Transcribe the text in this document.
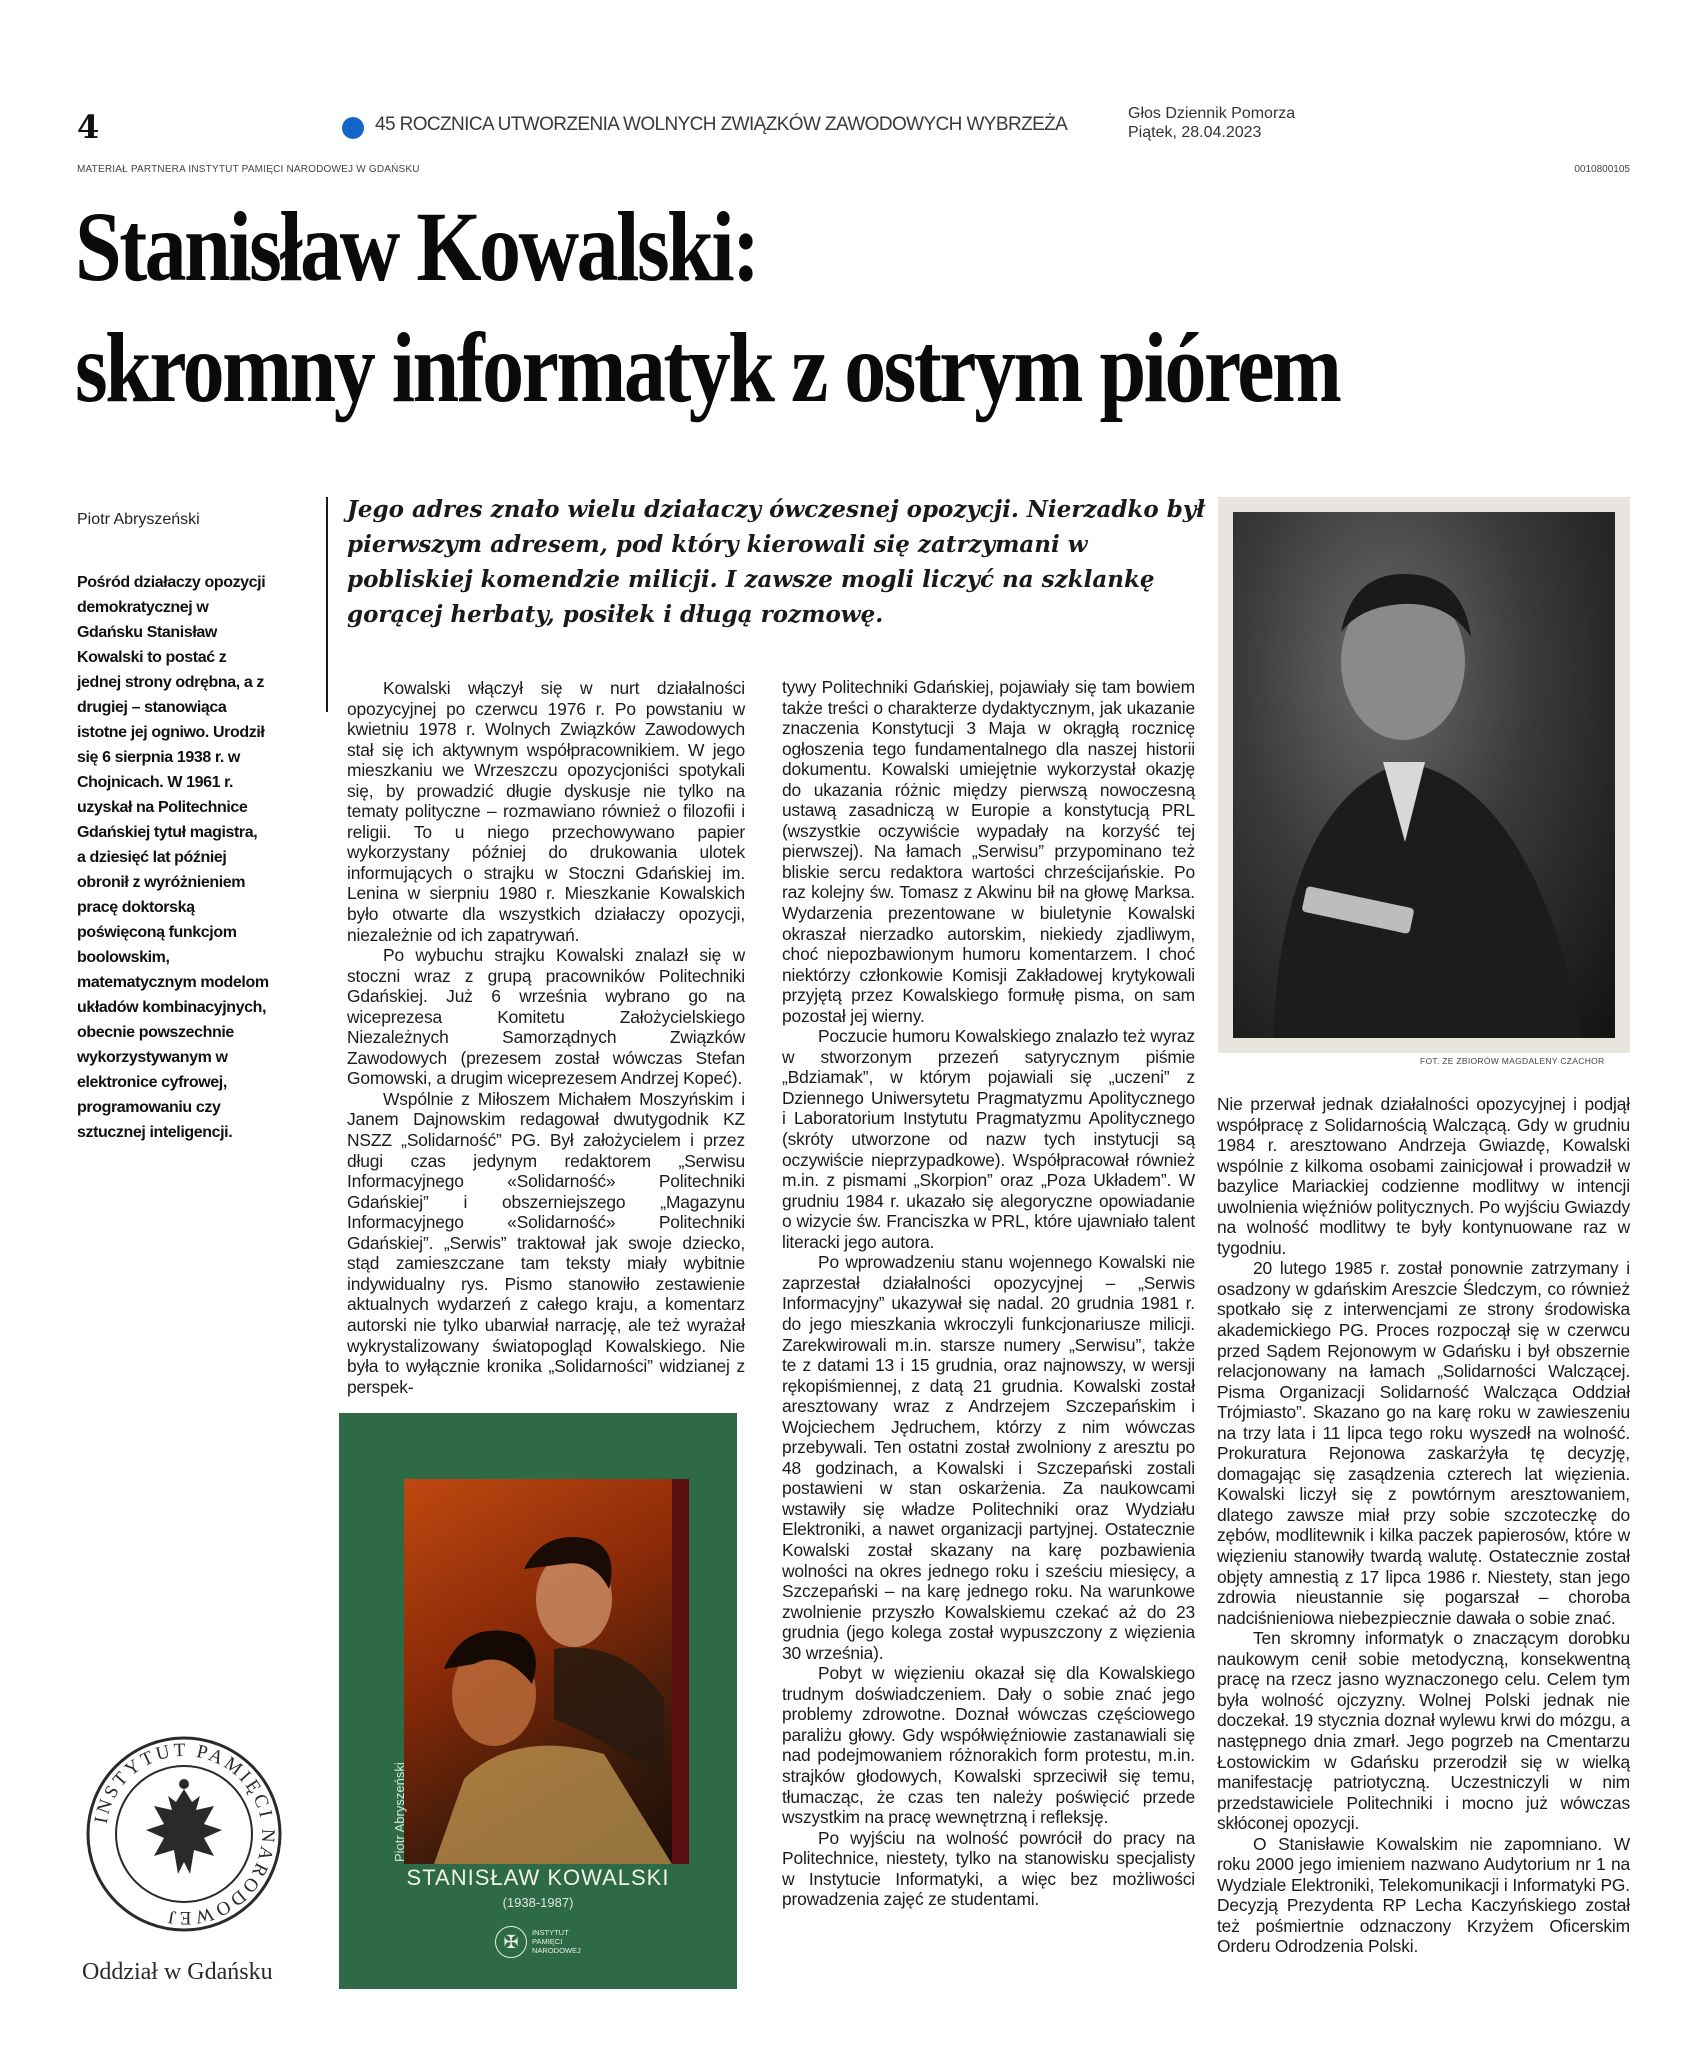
4	45 ROCZNICA UTWORZENIA WOLNYCH ZWIĄZKÓW ZAWODOWYCH WYBRZEŻA
Głos Dziennik Pomorza
Piątek, 28.04.2023
MATERIAŁ PARTNERA INSTYTUT PAMIĘCI NARODOWEJ W GDAŃSKU	0010800105
Stanisław Kowalski:
skromny informatyk z ostrym piórem
Piotr Abryszeński
Pośród działaczy opozycji demokratycznej w Gdańsku Stanisław Kowalski to postać z jednej strony odrębna, a z drugiej – stanowiąca istotne jej ogniwo. Urodził się 6 sierpnia 1938 r. w Chojnicach. W 1961 r. uzyskał na Politechnice Gdańskiej tytuł magistra, a dziesięć lat później obronił z wyróżnieniem pracę doktorską poświęconą funkcjom boolowskim, matematycznym modelom układów kombinacyjnych, obecnie powszechnie wykorzystywanym w elektronice cyfrowej, programowaniu czy sztucznej inteligencji.
Jego adres znało wielu działaczy ówczesnej opozycji. Nierzadko był pierwszym adresem, pod który kierowali się zatrzymani w pobliskiej komendzie milicji. I zawsze mogli liczyć na szklankę gorącej herbaty, posiłek i długą rozmowę.
FOT. ZE ZBIORÓW MAGDALENY CZACHOR

Kowalski włączył się w nurt działalności opozycyjnej po czerwcu 1976 r. Po powstaniu w kwietniu 1978 r. Wolnych Związków Zawodowych stał się ich aktywnym współpracownikiem. W jego mieszkaniu we Wrzeszczu opozycjoniści spotykali się, by prowadzić długie dyskusje nie tylko na tematy polityczne – rozmawiano również o filozofii i religii. To u niego przechowywano papier wykorzystany później do drukowania ulotek informujących o strajku w Stoczni Gdańskiej im. Lenina w sierpniu 1980 r. Mieszkanie Kowalskich było otwarte dla wszystkich działaczy opozycji, niezależnie od ich zapatrywań.

Po wybuchu strajku Kowalski znalazł się w stoczni wraz z grupą pracowników Politechniki Gdańskiej. Już 6 września wybrano go na wiceprezesa Komitetu Założycielskiego Niezależnych Samorządnych Związków Zawodowych (prezesem został wówczas Stefan Gomowski, a drugim wiceprezesem Andrzej Kopeć).

Wspólnie z Miłoszem Michałem Moszyńskim i Janem Dajnowskim redagował dwutygodnik KZ NSZZ „Solidarność” PG. Był założycielem i przez długi czas jedynym redaktorem „Serwisu Informacyjnego «Solidarność» Politechniki Gdańskiej” i obszerniejszego „Magazynu Informacyjnego «Solidarność» Politechniki Gdańskiej”. „Serwis” traktował jak swoje dziecko, stąd zamieszczane tam teksty miały wybitnie indywidualny rys. Pismo stanowiło zestawienie aktualnych wydarzeń z całego kraju, a komentarz autorski nie tylko ubarwiał narrację, ale też wyrażał wykrystalizowany światopogląd Kowalskiego. Nie była to wyłącznie kronika „Solidarności” widzianej z perspek-

tywy Politechniki Gdańskiej, pojawiały się tam bowiem także treści o charakterze dydaktycznym, jak ukazanie znaczenia Konstytucji 3 Maja w okrągłą rocznicę ogłoszenia tego fundamentalnego dla naszej historii dokumentu. Kowalski umiejętnie wykorzystał okazję do ukazania różnic między pierwszą nowoczesną ustawą zasadniczą w Europie a konstytucją PRL (wszystkie oczywiście wypadały na korzyść tej pierwszej). Na łamach „Serwisu” przypominano też bliskie sercu redaktora wartości chrześcijańskie. Po raz kolejny św. Tomasz z Akwinu bił na głowę Marksa. Wydarzenia prezentowane w biuletynie Kowalski okraszał nierzadko autorskim, niekiedy zjadliwym, choć niepozbawionym humoru komentarzem. I choć niektórzy członkowie Komisji Zakładowej krytykowali przyjętą przez Kowalskiego formułę pisma, on sam pozostał jej wierny.

Poczucie humoru Kowalskiego znalazło też wyraz w stworzonym przezeń satyrycznym piśmie „Bdziamak”, w którym pojawiali się „uczeni” z Dziennego Uniwersytetu Pragmatyzmu Apolitycznego i Laboratorium Instytutu Pragmatyzmu Apolitycznego (skróty utworzone od nazw tych instytucji są oczywiście nieprzypadkowe). Współpracował również m.in. z pismami „Skorpion” oraz „Poza Układem”. W grudniu 1984 r. ukazało się alegoryczne opowiadanie o wizycie św. Franciszka w PRL, które ujawniało talent literacki jego autora.

Po wprowadzeniu stanu wojennego Kowalski nie zaprzestał działalności opozycyjnej – „Serwis Informacyjny” ukazywał się nadal. 20 grudnia 1981 r. do jego mieszkania wkroczyli funkcjonariusze milicji. Zarekwirowali m.in. starsze numery „Serwisu”, także te z datami 13 i 15 grudnia, oraz najnowszy, w wersji rękopiśmiennej, z datą 21 grudnia. Kowalski został aresztowany wraz z Andrzejem Szczepańskim i Wojciechem Jędruchem, którzy z nim wówczas przebywali. Ten ostatni został zwolniony z aresztu po 48 godzinach, a Kowalski i Szczepański zostali postawieni w stan oskarżenia. Za naukowcami wstawiły się władze Politechniki oraz Wydziału Elektroniki, a nawet organizacji partyjnej. Ostatecznie Kowalski został skazany na karę pozbawienia wolności na okres jednego roku i sześciu miesięcy, a Szczepański – na karę jednego roku. Na warunkowe zwolnienie przyszło Kowalskiemu czekać aż do 23 grudnia (jego kolega został wypuszczony z więzienia 30 września).

Pobyt w więzieniu okazał się dla Kowalskiego trudnym doświadczeniem. Dały o sobie znać jego problemy zdrowotne. Doznał wówczas częściowego paraliżu głowy. Gdy współwięźniowie zastanawiali się nad podejmowaniem różnorakich form protestu, m.in. strajków głodowych, Kowalski sprzeciwił się temu, tłumacząc, że czas ten należy poświęcić przede wszystkim na pracę wewnętrzną i refleksję.

Po wyjściu na wolność powrócił do pracy na Politechnice, niestety, tylko na stanowisku specjalisty w Instytucie Informatyki, a więc bez możliwości prowadzenia zajęć ze studentami.

Nie przerwał jednak działalności opozycyjnej i podjął współpracę z Solidarnością Walczącą. Gdy w grudniu 1984 r. aresztowano Andrzeja Gwiazdę, Kowalski wspólnie z kilkoma osobami zainicjował i prowadził w bazylice Mariackiej codzienne modlitwy w intencji uwolnienia więźniów politycznych. Po wyjściu Gwiazdy na wolność modlitwy te były kontynuowane raz w tygodniu.

20 lutego 1985 r. został ponownie zatrzymany i osadzony w gdańskim Areszcie Śledczym, co również spotkało się z interwencjami ze strony środowiska akademickiego PG. Proces rozpoczął się w czerwcu przed Sądem Rejonowym w Gdańsku i był obszernie relacjonowany na łamach „Solidarności Walczącej. Pisma Organizacji Solidarność Walcząca Oddział Trójmiasto”. Skazano go na karę roku w zawieszeniu na trzy lata i 11 lipca tego roku wyszedł na wolność. Prokuratura Rejonowa zaskarżyła tę decyzję, domagając się zasądzenia czterech lat więzienia. Kowalski liczył się z powtórnym aresztowaniem, dlatego zawsze miał przy sobie szczoteczkę do zębów, modlitewnik i kilka paczek papierosów, które w więzieniu stanowiły twardą walutę. Ostatecznie został objęty amnestią z 17 lipca 1986 r. Niestety, stan jego zdrowia nieustannie się pogarszał – choroba nadciśnieniowa niebezpiecznie dawała o sobie znać.

Ten skromny informatyk o znaczącym dorobku naukowym cenił sobie metodyczną, konsekwentną pracę na rzecz jasno wyznaczonego celu. Celem tym była wolność ojczyzny. Wolnej Polski jednak nie doczekał. 19 stycznia doznał wylewu krwi do mózgu, a następnego dnia zmarł. Jego pogrzeb na Cmentarzu Łostowickim w Gdańsku przerodził się w wielką manifestację patriotyczną. Uczestniczyli w nim przedstawiciele Politechniki i mocno już wówczas skłóconej opozycji.

O Stanisławie Kowalskim nie zapomniano. W roku 2000 jego imieniem nazwano Audytorium nr 1 na Wydziale Elektroniki, Telekomunikacji i Informatyki PG. Decyzją Prezydenta RP Lecha Kaczyńskiego został też pośmiertnie odznaczony Krzyżem Oficerskim Orderu Odrodzenia Polski.

Piotr Abryszeński
STANISŁAW KOWALSKI
(1938-1987)
✠	INSTYTUT PAMIĘCI NARODOWEJ
INSTYTUT PAMIĘCI NARODOWEJ
Oddział w Gdańsku
